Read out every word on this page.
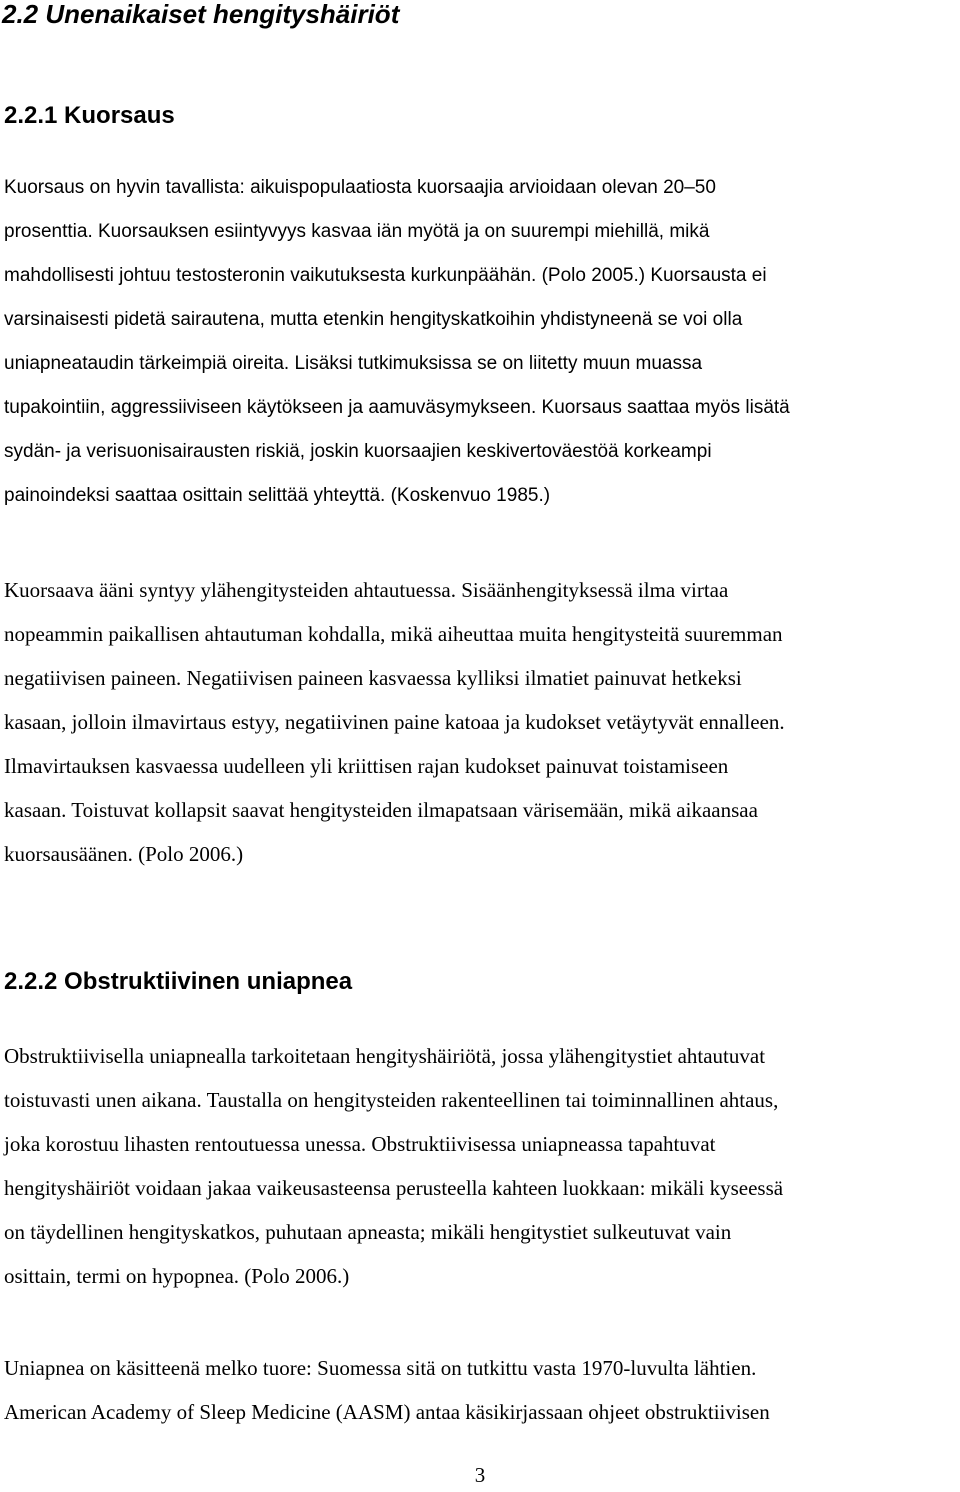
2.2 Unenaikaiset hengityshäiriöt
2.2.1 Kuorsaus

Kuorsaus on hyvin tavallista: aikuispopulaatiosta kuorsaajia arvioidaan olevan 20–50
prosenttia. Kuorsauksen esiintyvyys kasvaa iän myötä ja on suurempi miehillä, mikä
mahdollisesti johtuu testosteronin vaikutuksesta kurkunpäähän. (Polo 2005.) Kuorsausta ei
varsinaisesti pidetä sairautena, mutta etenkin hengityskatkoihin yhdistyneenä se voi olla
uniapneataudin tärkeimpiä oireita. Lisäksi tutkimuksissa se on liitetty muun muassa
tupakointiin, aggressiiviseen käytökseen ja aamuväsymykseen. Kuorsaus saattaa myös lisätä
sydän- ja verisuonisairausten riskiä, joskin kuorsaajien keskivertoväestöä korkeampi
painoindeksi saattaa osittain selittää yhteyttä. (Koskenvuo 1985.)

Kuorsaava ääni syntyy ylähengitysteiden ahtautuessa. Sisäänhengityksessä ilma virtaa
nopeammin paikallisen ahtautuman kohdalla, mikä aiheuttaa muita hengitysteitä suuremman
negatiivisen paineen. Negatiivisen paineen kasvaessa kylliksi ilmatiet painuvat hetkeksi
kasaan, jolloin ilmavirtaus estyy, negatiivinen paine katoaa ja kudokset vetäytyvät ennalleen.
Ilmavirtauksen kasvaessa uudelleen yli kriittisen rajan kudokset painuvat toistamiseen
kasaan. Toistuvat kollapsit saavat hengitysteiden ilmapatsaan värisemään, mikä aikaansaa
kuorsausäänen. (Polo 2006.)

2.2.2 Obstruktiivinen uniapnea

Obstruktiivisella uniapnealla tarkoitetaan hengityshäiriötä, jossa ylähengitystiet ahtautuvat
toistuvasti unen aikana. Taustalla on hengitysteiden rakenteellinen tai toiminnallinen ahtaus,
joka korostuu lihasten rentoutuessa unessa. Obstruktiivisessa uniapneassa tapahtuvat
hengityshäiriöt voidaan jakaa vaikeusasteensa perusteella kahteen luokkaan: mikäli kyseessä
on täydellinen hengityskatkos, puhutaan apneasta; mikäli hengitystiet sulkeutuvat vain
osittain, termi on hypopnea. (Polo 2006.)

Uniapnea on käsitteenä melko tuore: Suomessa sitä on tutkittu vasta 1970-luvulta lähtien.
American Academy of Sleep Medicine (AASM) antaa käsikirjassaan ohjeet obstruktiivisen

3
